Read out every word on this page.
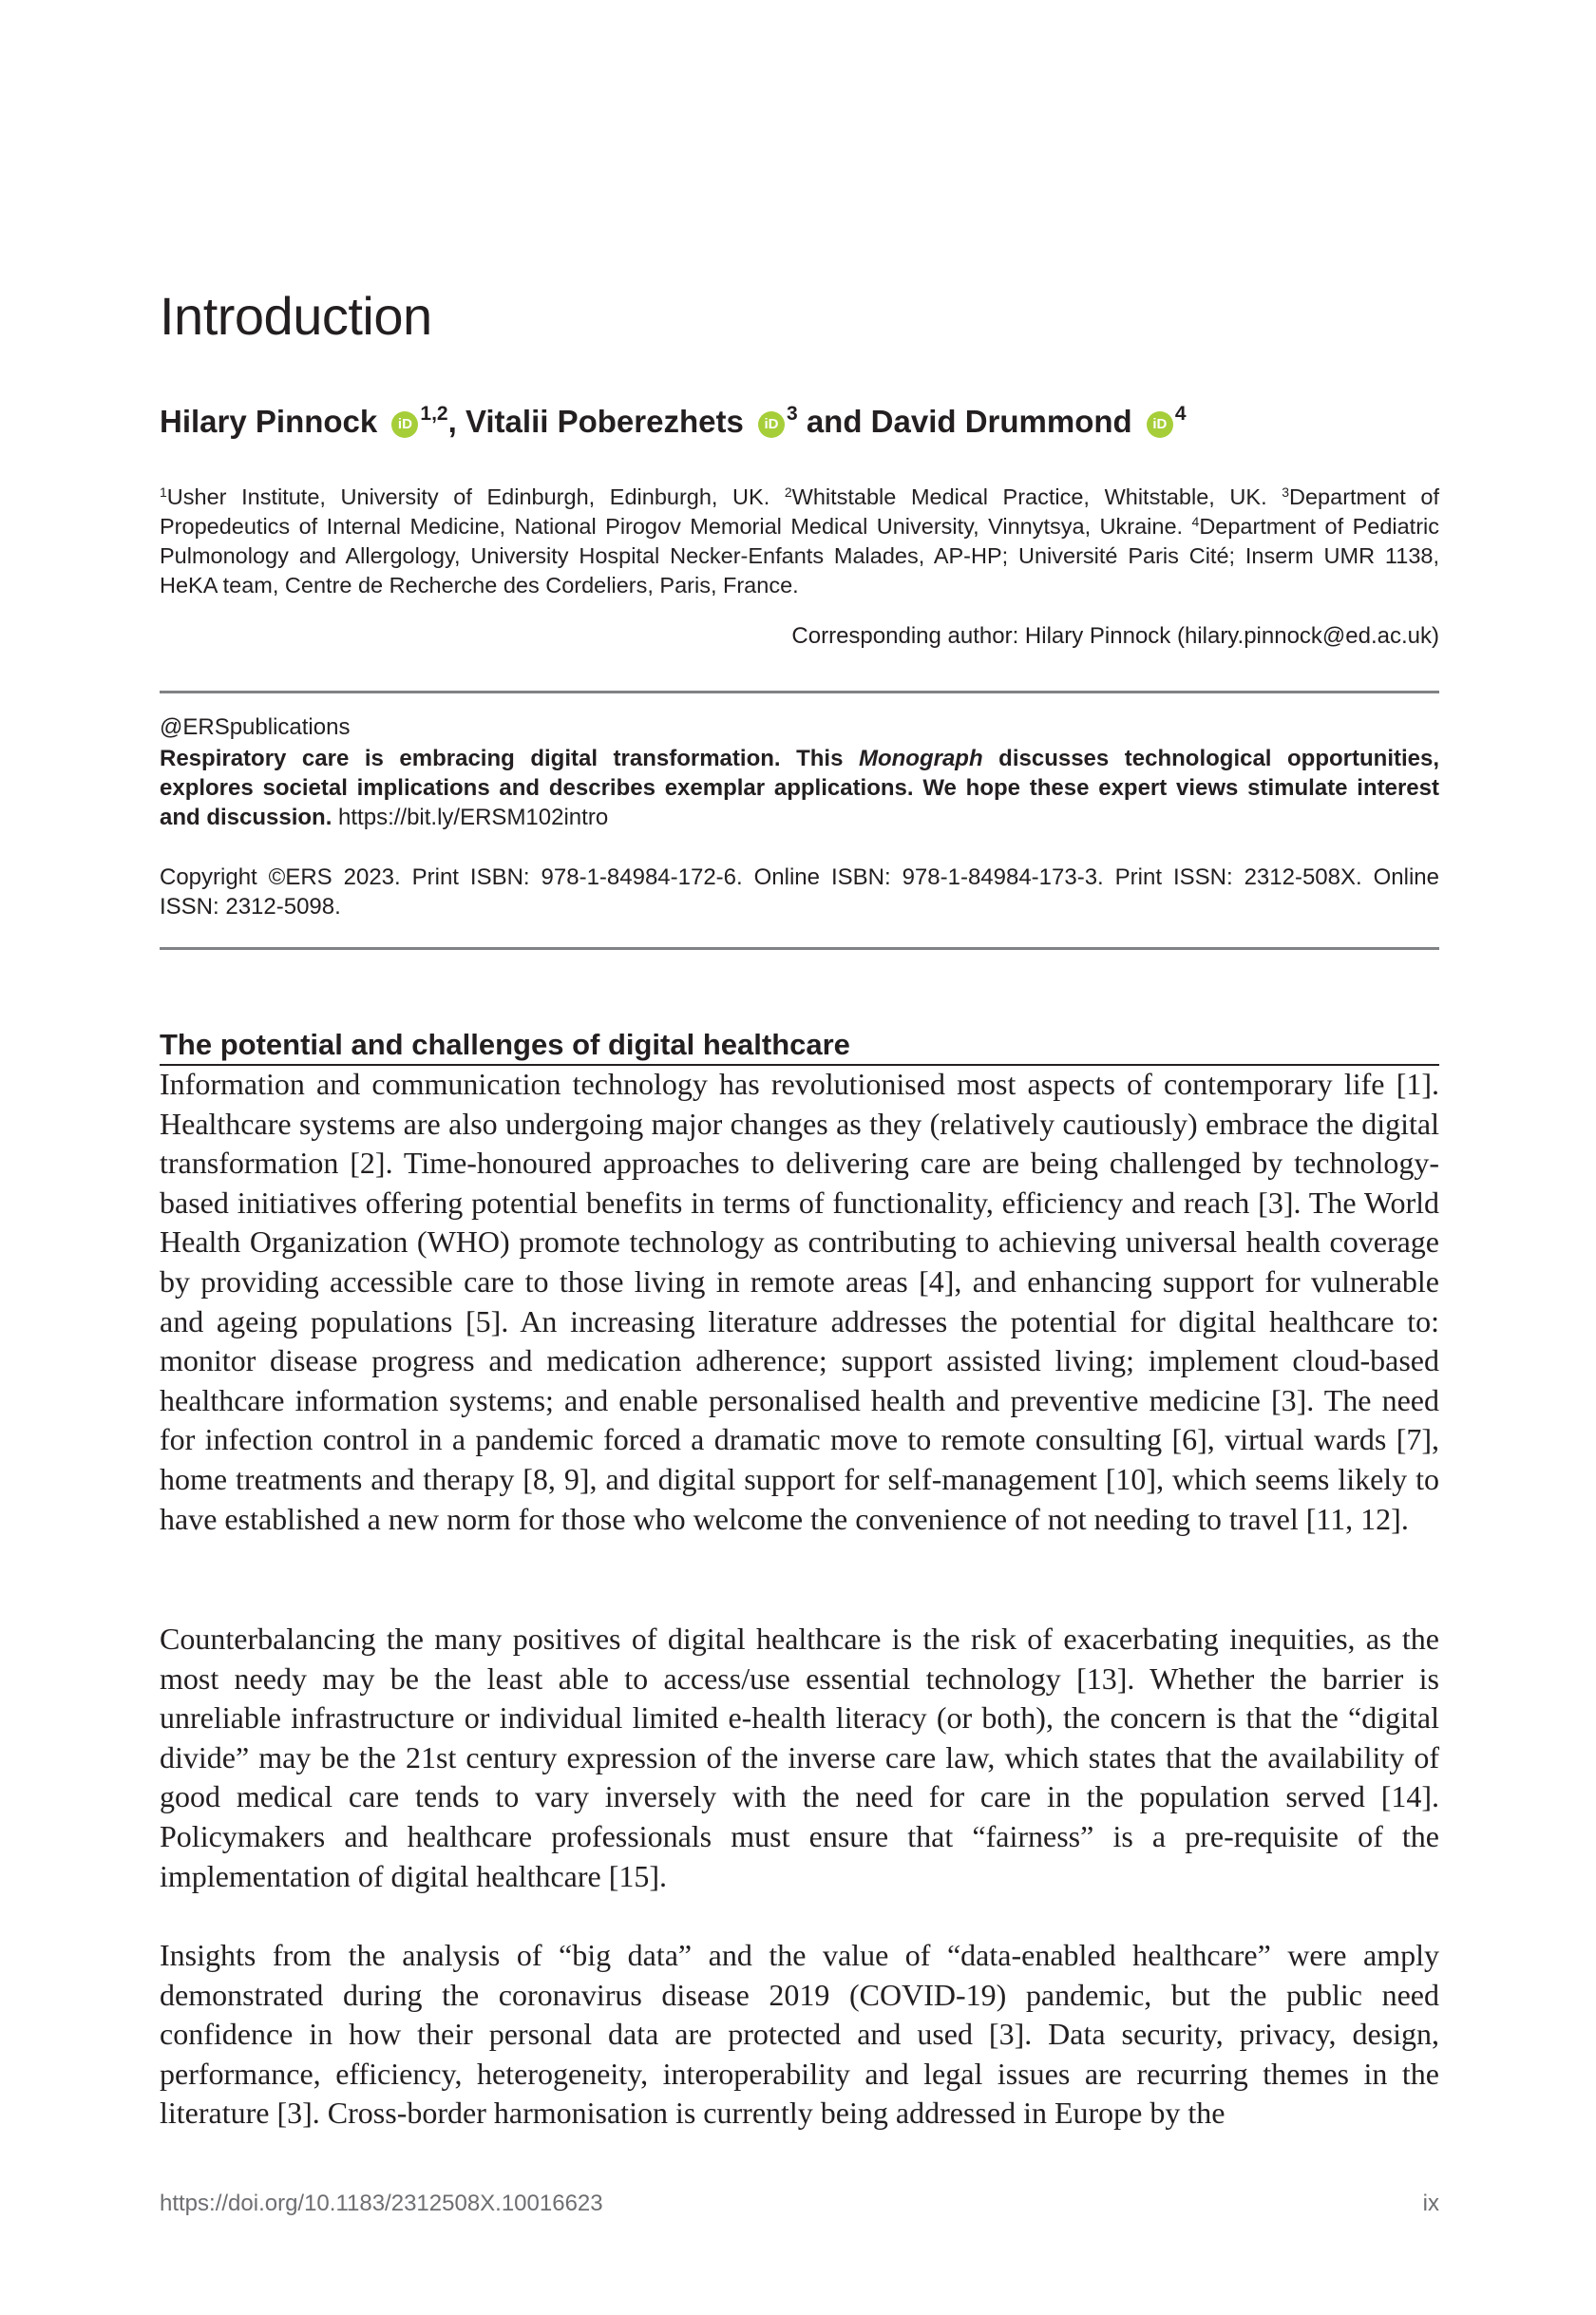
Introduction
Hilary Pinnock iD $^{1,2}$, Vitalii Poberezhets iD $^3$ and David Drummond iD $^4$
$^1$Usher Institute, University of Edinburgh, Edinburgh, UK. $^2$Whitstable Medical Practice, Whitstable, UK. $^3$Department of Propedeutics of Internal Medicine, National Pirogov Memorial Medical University, Vinnytsya, Ukraine. $^4$Department of Pediatric Pulmonology and Allergology, University Hospital Necker-Enfants Malades, AP-HP; Université Paris Cité; Inserm UMR 1138, HeKA team, Centre de Recherche des Cordeliers, Paris, France.
Corresponding author: Hilary Pinnock (hilary.pinnock@ed.ac.uk)
@ERSpublications
Respiratory care is embracing digital transformation. This Monograph discusses technological opportunities, explores societal implications and describes exemplar applications. We hope these expert views stimulate interest and discussion. https://bit.ly/ERSM102intro
Copyright ©ERS 2023. Print ISBN: 978-1-84984-172-6. Online ISBN: 978-1-84984-173-3. Print ISSN: 2312-508X. Online ISSN: 2312-5098.
The potential and challenges of digital healthcare

Information and communication technology has revolutionised most aspects of contemporary life [1]. Healthcare systems are also undergoing major changes as they (relatively cautiously) embrace the digital transformation [2]. Time-honoured approaches to delivering care are being challenged by technology-based initiatives offering potential benefits in terms of functionality, efficiency and reach [3]. The World Health Organization (WHO) promote technology as contributing to achieving universal health coverage by providing accessible care to those living in remote areas [4], and enhancing support for vulnerable and ageing populations [5]. An increasing literature addresses the potential for digital healthcare to: monitor disease progress and medication adherence; support assisted living; implement cloud-based healthcare information systems; and enable personalised health and preventive medicine [3]. The need for infection control in a pandemic forced a dramatic move to remote consulting [6], virtual wards [7], home treatments and therapy [8, 9], and digital support for self-management [10], which seems likely to have established a new norm for those who welcome the convenience of not needing to travel [11, 12].

Counterbalancing the many positives of digital healthcare is the risk of exacerbating inequities, as the most needy may be the least able to access/use essential technology [13]. Whether the barrier is unreliable infrastructure or individual limited e-health literacy (or both), the concern is that the “digital divide” may be the 21st century expression of the inverse care law, which states that the availability of good medical care tends to vary inversely with the need for care in the population served [14]. Policymakers and healthcare professionals must ensure that “fairness” is a pre-requisite of the implementation of digital healthcare [15].

Insights from the analysis of “big data” and the value of “data-enabled healthcare” were amply demonstrated during the coronavirus disease 2019 (COVID-19) pandemic, but the public need confidence in how their personal data are protected and used [3]. Data security, privacy, design, performance, efficiency, heterogeneity, interoperability and legal issues are recurring themes in the literature [3]. Cross-border harmonisation is currently being addressed in Europe by the

https://doi.org/10.1183/2312508X.10016623	ix
